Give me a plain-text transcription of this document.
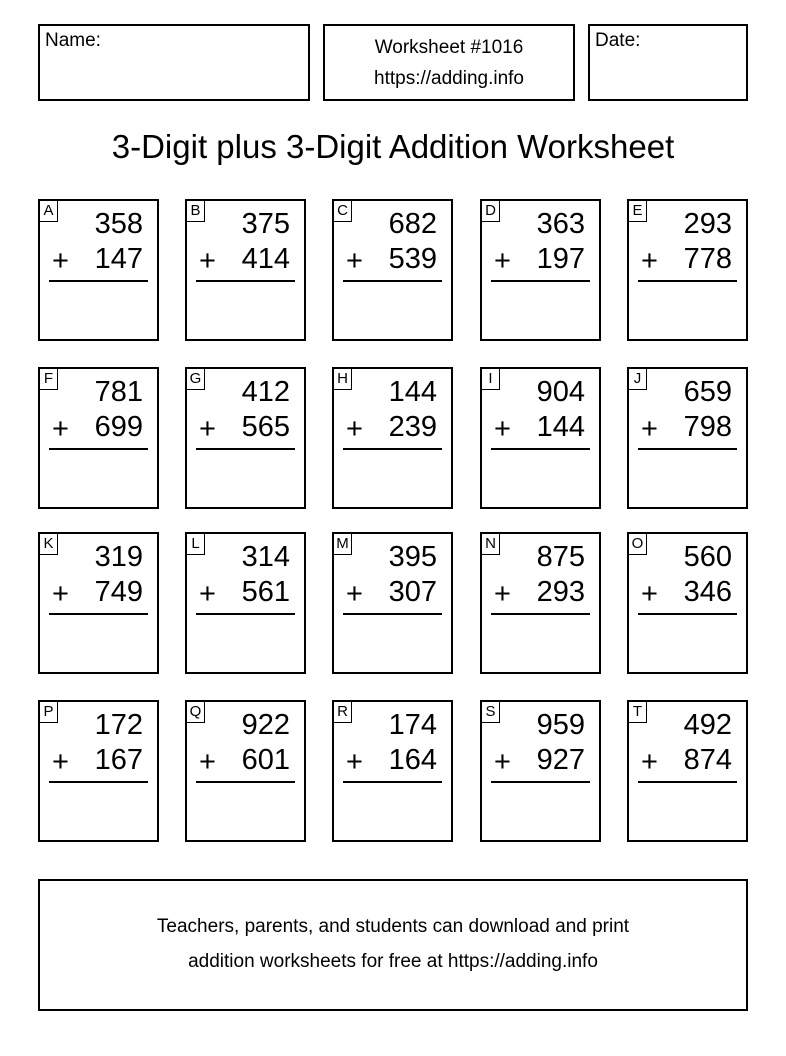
Name:	Worksheet #1016
https://adding.info
Date:
3-Digit plus 3-Digit Addition Worksheet
A 358
+ 147
B 375
+ 414
C 682
+ 539
D 363
+ 197
E 293
+ 778
F 781
+ 699
G 412
+ 565
H 144
+ 239
I 904
+ 144
J 659
+ 798
K 319
+ 749
L 314
+ 561
M 395
+ 307
N 875
+ 293
O 560
+ 346
P 172
+ 167
Q 922
+ 601
R 174
+ 164
S 959
+ 927
T 492
+ 874
Teachers, parents, and students can download and print
addition worksheets for free at https://adding.info
